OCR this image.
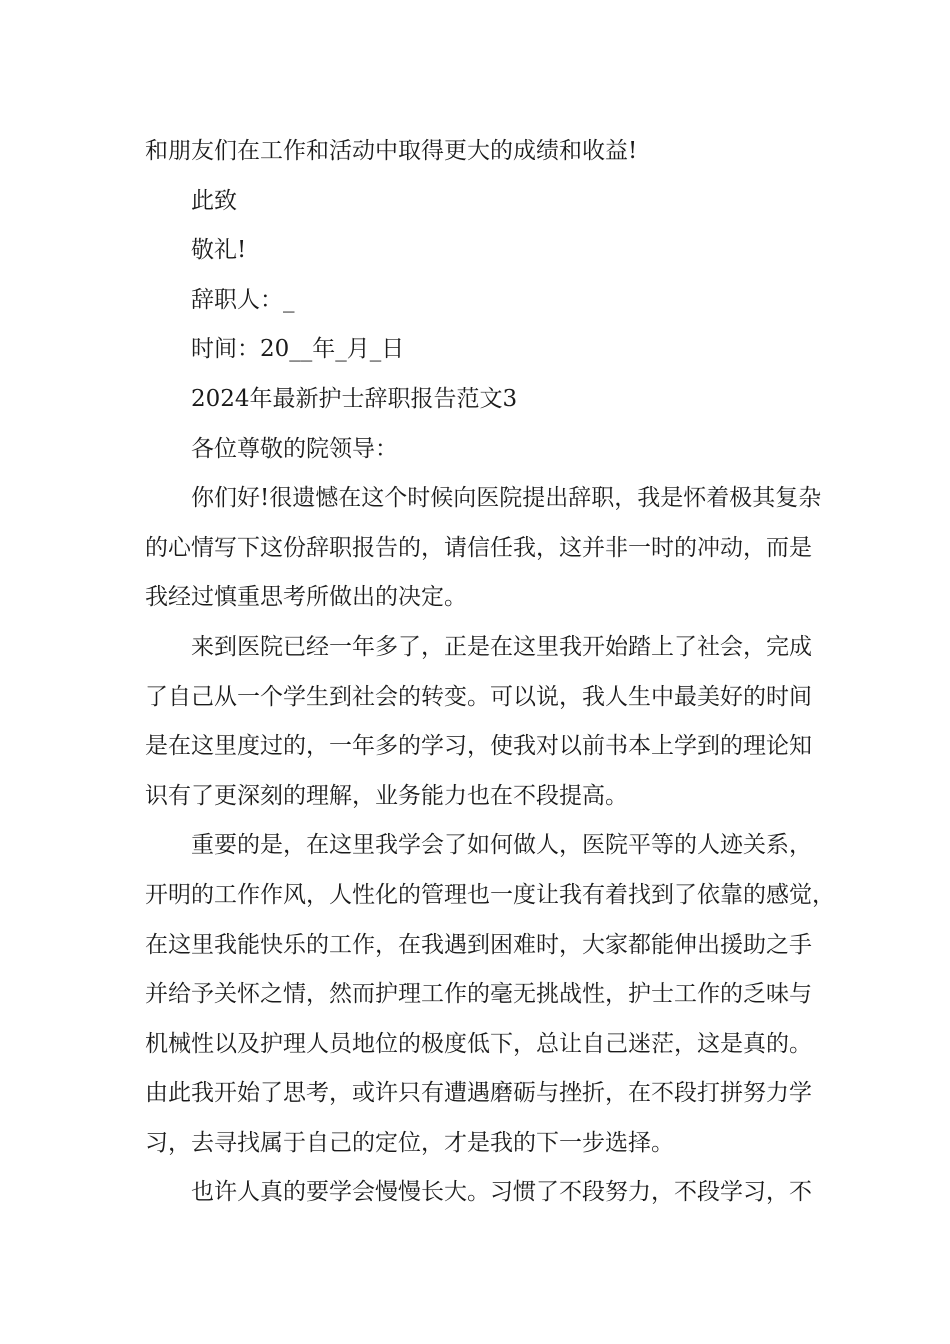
和朋友们在工作和活动中取得更大的成绩和收益!

此致

敬礼!

辞职人：_

时间：20__年_月_日

2024年最新护士辞职报告范文3

各位尊敬的院领导：

你们好!很遗憾在这个时候向医院提出辞职，我是怀着极其复杂
的心情写下这份辞职报告的，请信任我，这并非一时的冲动，而是
我经过慎重思考所做出的决定。

来到医院已经一年多了，正是在这里我开始踏上了社会，完成
了自己从一个学生到社会的转变。可以说，我人生中最美好的时间
是在这里度过的，一年多的学习，使我对以前书本上学到的理论知
识有了更深刻的理解，业务能力也在不段提高。

重要的是，在这里我学会了如何做人，医院平等的人迹关系，
开明的工作作风，人性化的管理也一度让我有着找到了依靠的感觉，
在这里我能快乐的工作，在我遇到困难时，大家都能伸出援助之手
并给予关怀之情，然而护理工作的毫无挑战性，护士工作的乏味与
机械性以及护理人员地位的极度低下，总让自己迷茫，这是真的。
由此我开始了思考，或许只有遭遇磨砺与挫折，在不段打拼努力学
习，去寻找属于自己的定位，才是我的下一步选择。

也许人真的要学会慢慢长大。习惯了不段努力，不段学习，不
